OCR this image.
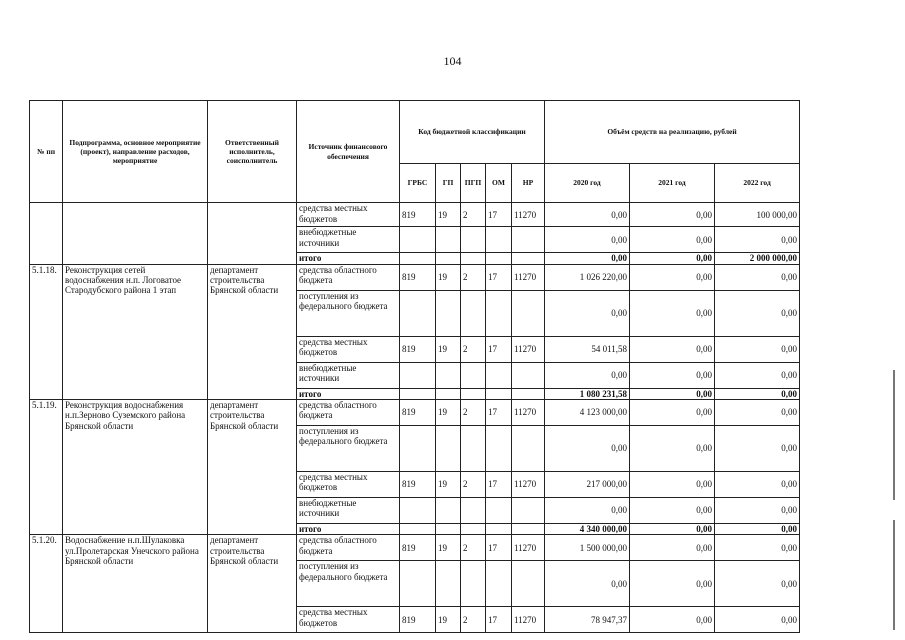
104
№ пп	Подпрограмма, основное мероприятие (проект), направление расходов, мероприятие	Ответственный исполнитель, соисполнитель	Источник финансового обеспечения	Код бюджетной классификации					Объём средств на реализацию, рублей	
				ГРБС	ГП	ПГП	ОМ	НР	2020 год	2021 год	2022 год	
			средства местных бюджетов	819	19	2	17	11270	0,00	0,00	100 000,00	
			внебюджетные источники						0,00	0,00	0,00	
			итого						0,00	0,00	2 000 000,00	
5.1.18.	Реконструкция сетей водоснабжения н.п. Логоватое Стародубского района 1 этап	департамент строительства Брянской области	средства областного бюджета	819	19	2	17	11270	1 026 220,00	0,00	0,00	
			поступления из федерального бюджета						0,00	0,00	0,00	
			средства местных бюджетов	819	19	2	17	11270	54 011,58	0,00	0,00	
			внебюджетные источники						0,00	0,00	0,00	
			итого						1 080 231,58	0,00	0,00	
5.1.19.	Реконструкция водоснабжения н.п.Зерново Суземского района Брянской области	департамент строительства Брянской области	средства областного бюджета	819	19	2	17	11270	4 123 000,00	0,00	0,00	
			поступления из федерального бюджета						0,00	0,00	0,00	
			средства местных бюджетов	819	19	2	17	11270	217 000,00	0,00	0,00	
			внебюджетные источники						0,00	0,00	0,00	
			итого						4 340 000,00	0,00	0,00	
5.1.20.	Водоснабжение н.п.Шулаковка ул.Пролетарская Унечского района Брянской области	департамент строительства Брянской области	средства областного бюджета	819	19	2	17	11270	1 500 000,00	0,00	0,00	
			поступления из федерального бюджета						0,00	0,00	0,00	
			средства местных бюджетов	819	19	2	17	11270	78 947,37	0,00	0,00	
